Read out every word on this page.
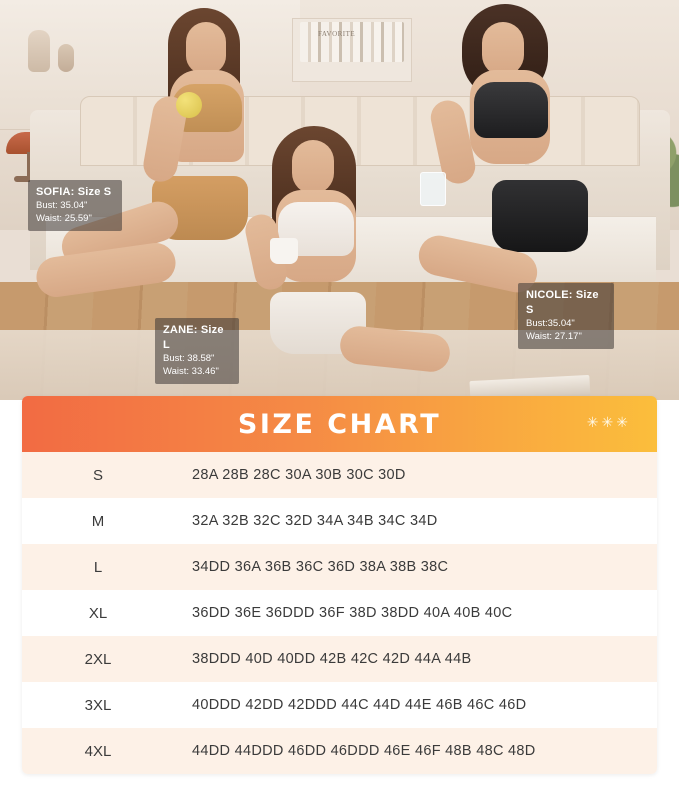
FAVORITE
SOFIA: Size S
Bust: 35.04"
Waist: 25.59"
ZANE: Size L
Bust: 38.58"
Waist: 33.46"
NICOLE: Size S
Bust:35.04"
Waist: 27.17"
SIZE CHART	✳✳✳
S	28A 28B 28C 30A 30B 30C 30D
M	32A 32B 32C 32D 34A 34B 34C 34D
L	34DD 36A 36B 36C 36D 38A 38B 38C
XL	36DD 36E 36DDD 36F 38D 38DD 40A 40B 40C
2XL	38DDD 40D 40DD 42B 42C 42D 44A 44B
3XL	40DDD 42DD 42DDD 44C 44D 44E 46B 46C 46D
4XL	44DD 44DDD 46DD 46DDD 46E 46F 48B 48C 48D
